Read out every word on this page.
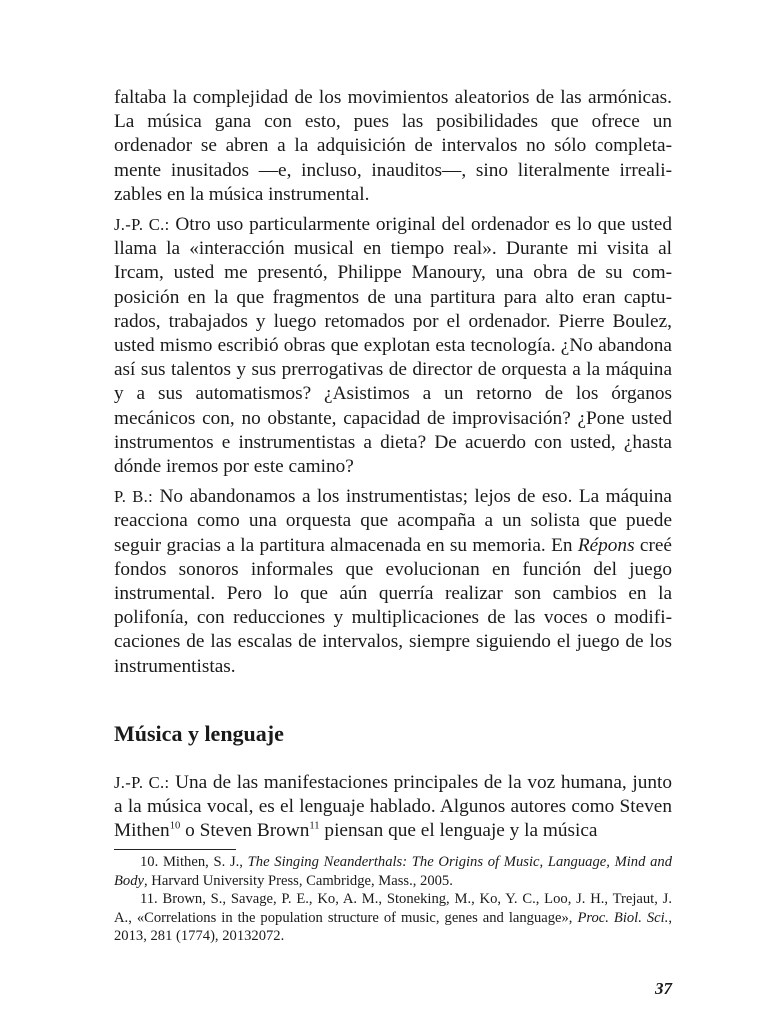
faltaba la complejidad de los movimientos aleatorios de las armónicas. La música gana con esto, pues las posibilidades que ofrece un ordenador se abren a la adquisición de intervalos no sólo completamente inusitados —e, incluso, inauditos—, sino literalmente irrealizables en la música instrumental.

J.-P. C.: Otro uso particularmente original del ordenador es lo que usted llama la «interacción musical en tiempo real». Durante mi visita al Ircam, usted me presentó, Philippe Manoury, una obra de su composición en la que fragmentos de una partitura para alto eran capturados, trabajados y luego retomados por el ordenador. Pierre Boulez, usted mismo escribió obras que explotan esta tecnología. ¿No abandona así sus talentos y sus prerrogativas de director de orquesta a la máquina y a sus automatismos? ¿Asistimos a un retorno de los órganos mecánicos con, no obstante, capacidad de improvisación? ¿Pone usted instrumentos e instrumentistas a dieta? De acuerdo con usted, ¿hasta dónde iremos por este camino?

P. B.: No abandonamos a los instrumentistas; lejos de eso. La máquina reacciona como una orquesta que acompaña a un solista que puede seguir gracias a la partitura almacenada en su memoria. En Répons creé fondos sonoros informales que evolucionan en función del juego instrumental. Pero lo que aún querría realizar son cambios en la polifonía, con reducciones y multiplicaciones de las voces o modificaciones de las escalas de intervalos, siempre siguiendo el juego de los instrumentistas.

Música y lenguaje

J.-P. C.: Una de las manifestaciones principales de la voz humana, junto a la música vocal, es el lenguaje hablado. Algunos autores como Steven Mithen$^{10}$ o Steven Brown$^{11}$ piensan que el lenguaje y la música

10. Mithen, S. J., The Singing Neanderthals: The Origins of Music, Language, Mind and Body, Harvard University Press, Cambridge, Mass., 2005.

11. Brown, S., Savage, P. E., Ko, A. M., Stoneking, M., Ko, Y. C., Loo, J. H., Trejaut, J. A., «Correlations in the population structure of music, genes and language», Proc. Biol. Sci., 2013, 281 (1774), 20132072.

37
